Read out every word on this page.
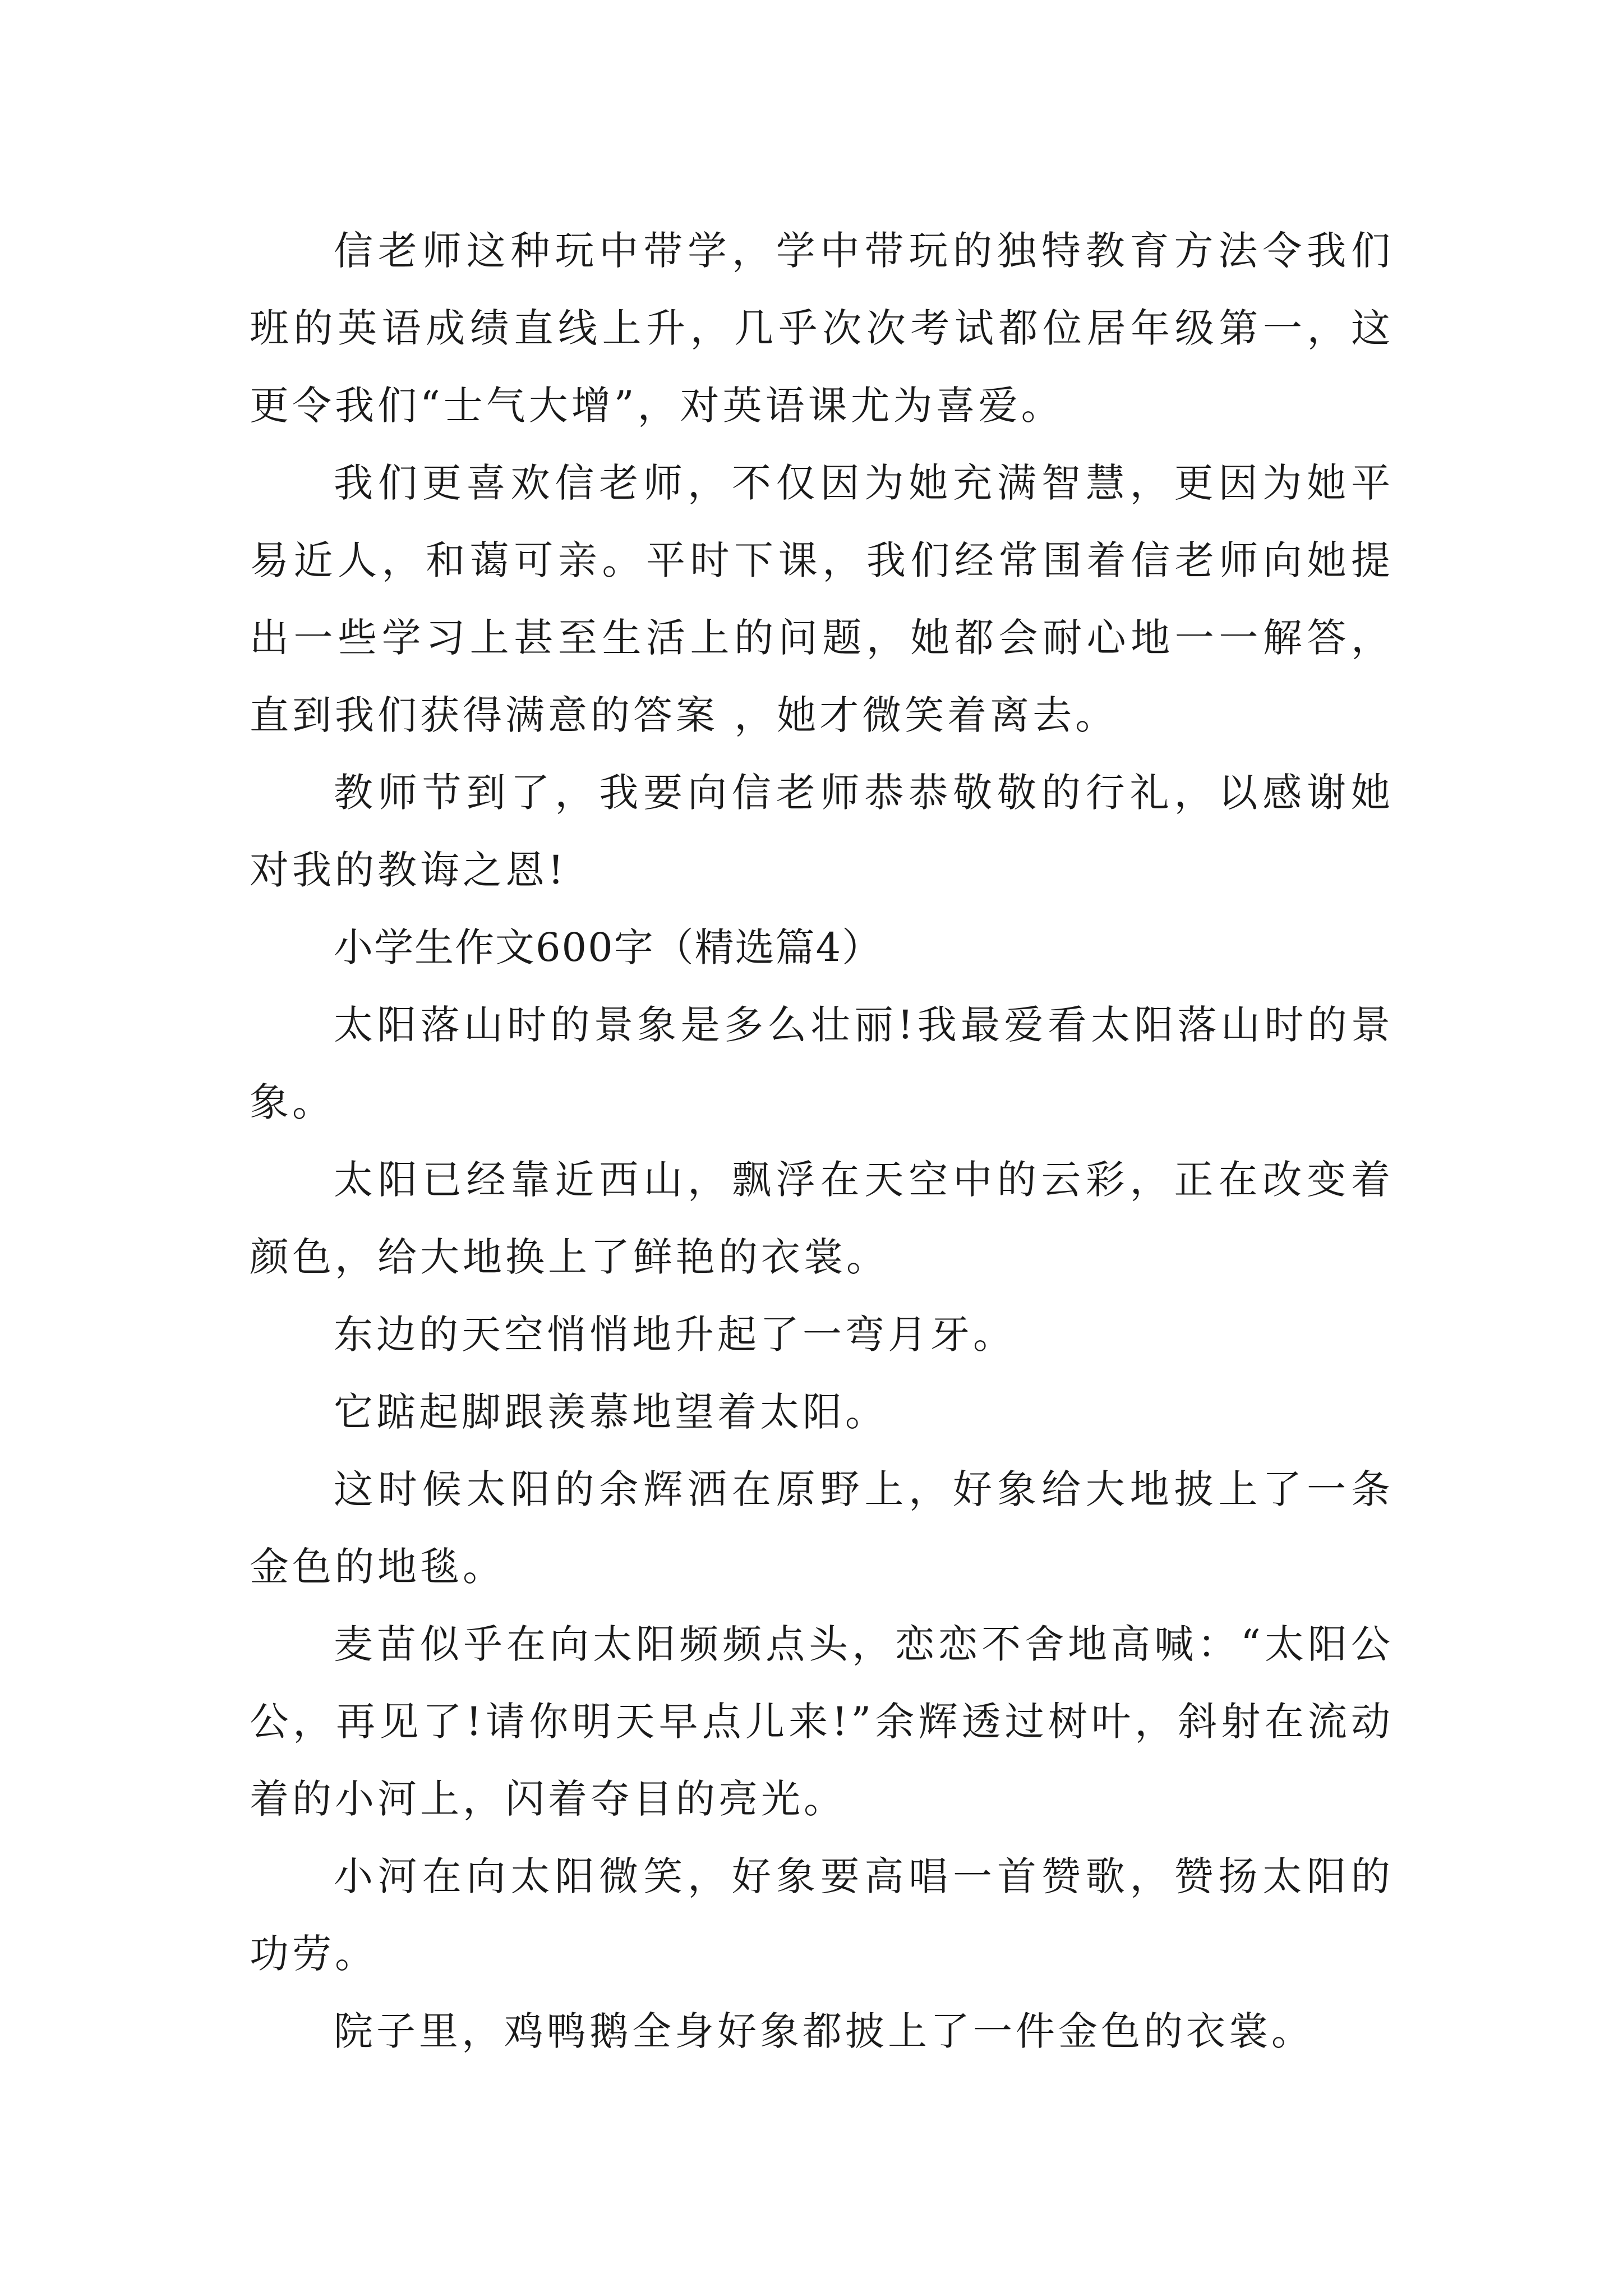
信老师这种玩中带学，学中带玩的独特教育方法令我们班的英语成绩直线上升，几乎次次考试都位居年级第一，这更令我们“士气大增”，对英语课尤为喜爱。

我们更喜欢信老师，不仅因为她充满智慧，更因为她平易近人，和蔼可亲。平时下课，我们经常围着信老师向她提出一些学习上甚至生活上的问题，她都会耐心地一一解答，直到我们获得满意的答案 ，她才微笑着离去。

教师节到了，我要向信老师恭恭敬敬的行礼，以感谢她对我的教诲之恩!

小学生作文600字（精选篇4）

太阳落山时的景象是多么壮丽!我最爱看太阳落山时的景象。

太阳已经靠近西山，飘浮在天空中的云彩，正在改变着颜色，给大地换上了鲜艳的衣裳。

东边的天空悄悄地升起了一弯月牙。

它踮起脚跟羡慕地望着太阳。

这时候太阳的余辉洒在原野上，好象给大地披上了一条金色的地毯。

麦苗似乎在向太阳频频点头，恋恋不舍地高喊：“太阳公公，再见了!请你明天早点儿来!”余辉透过树叶，斜射在流动着的小河上，闪着夺目的亮光。

小河在向太阳微笑，好象要高唱一首赞歌，赞扬太阳的功劳。

院子里，鸡鸭鹅全身好象都披上了一件金色的衣裳。
